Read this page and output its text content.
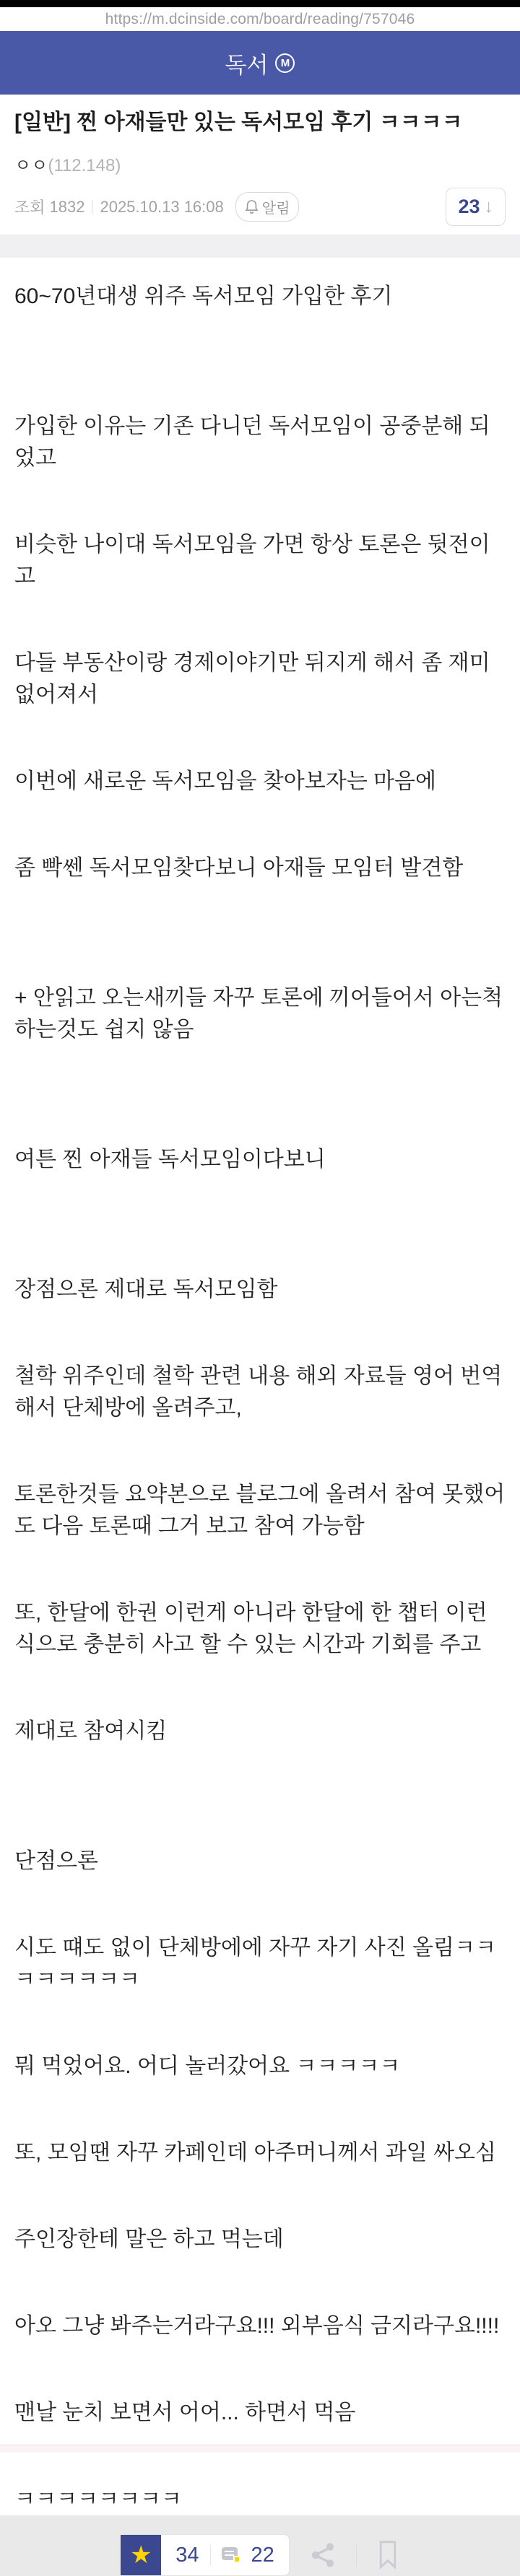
https://m.dcinside.com/board/reading/757046
독서	M
[일반] 찐 아재들만 있는 독서모임 후기 ㅋㅋㅋㅋ
ㅇㅇ(112.148)
조회 1832 2025.10.13 16:08	알림	23 ↓

60~70년대생 위주 독서모임 가입한 후기

가입한 이유는 기존 다니던 독서모임이 공중분해 되었고

비슷한 나이대 독서모임을 가면 항상 토론은 뒷전이고

다들 부동산이랑 경제이야기만 뒤지게 해서 좀 재미없어져서

이번에 새로운 독서모임을 찾아보자는 마음에

좀 빡쎈 독서모임찾다보니 아재들 모임터 발견함

+ 안읽고 오는새끼들 자꾸 토론에 끼어들어서 아는척하는것도 쉽지 않음

여튼 찐 아재들 독서모임이다보니

장점으론 제대로 독서모임함

철학 위주인데 철학 관련 내용 해외 자료들 영어 번역해서 단체방에 올려주고,

토론한것들 요약본으로 블로그에 올려서 참여 못했어도 다음 토론때 그거 보고 참여 가능함

또, 한달에 한권 이런게 아니라 한달에 한 챕터 이런식으로 충분히 사고 할 수 있는 시간과 기회를 주고

제대로 참여시킴

단점으론

시도 떄도 없이 단체방에에 자꾸 자기 사진 올림ㅋㅋㅋㅋㅋㅋㅋㅋ

뭐 먹었어요. 어디 놀러갔어요 ㅋㅋㅋㅋㅋ

또, 모임땐 자꾸 카페인데 아주머니께서 과일 싸오심

주인장한테 말은 하고 먹는데

아오 그냥 봐주는거라구요!!! 외부음식 금지라구요!!!!

맨날 눈치 보면서 어어... 하면서 먹음

ㅋㅋㅋㅋㅋㅋㅋㅋ

★ 34 22
